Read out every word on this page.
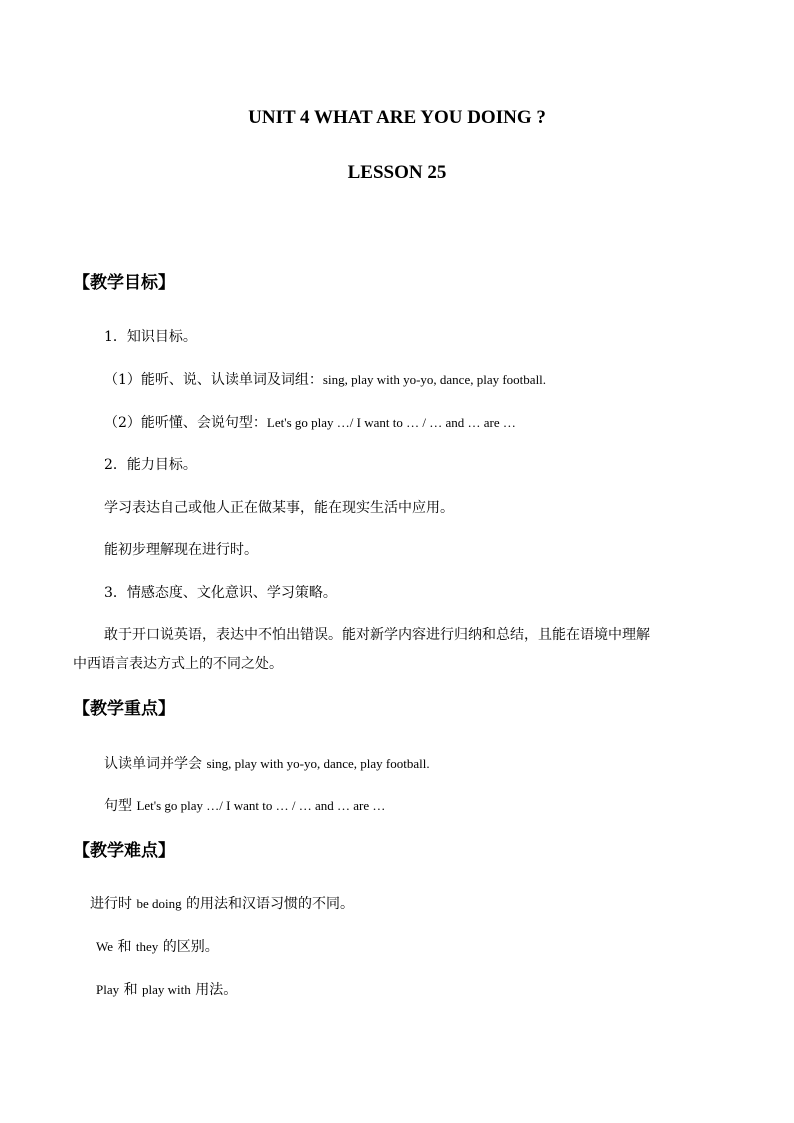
UNIT 4 WHAT ARE YOU DOING ?
LESSON 25
【教学目标】
1．知识目标。
（1）能听、说、认读单词及词组：sing, play with yo-yo, dance, play football.
（2）能听懂、会说句型：Let's go play …/ I want to … / … and … are …
2．能力目标。
学习表达自己或他人正在做某事，能在现实生活中应用。
能初步理解现在进行时。
3．情感态度、文化意识、学习策略。
敢于开口说英语，表达中不怕出错误。能对新学内容进行归纳和总结，且能在语境中理解
中西语言表达方式上的不同之处。
【教学重点】
认读单词并学会 sing, play with yo-yo, dance, play football.
句型 Let's go play …/ I want to … / … and … are …
【教学难点】
进行时 be doing 的用法和汉语习惯的不同。
We 和 they 的区别。
Play 和 play with 用法。
